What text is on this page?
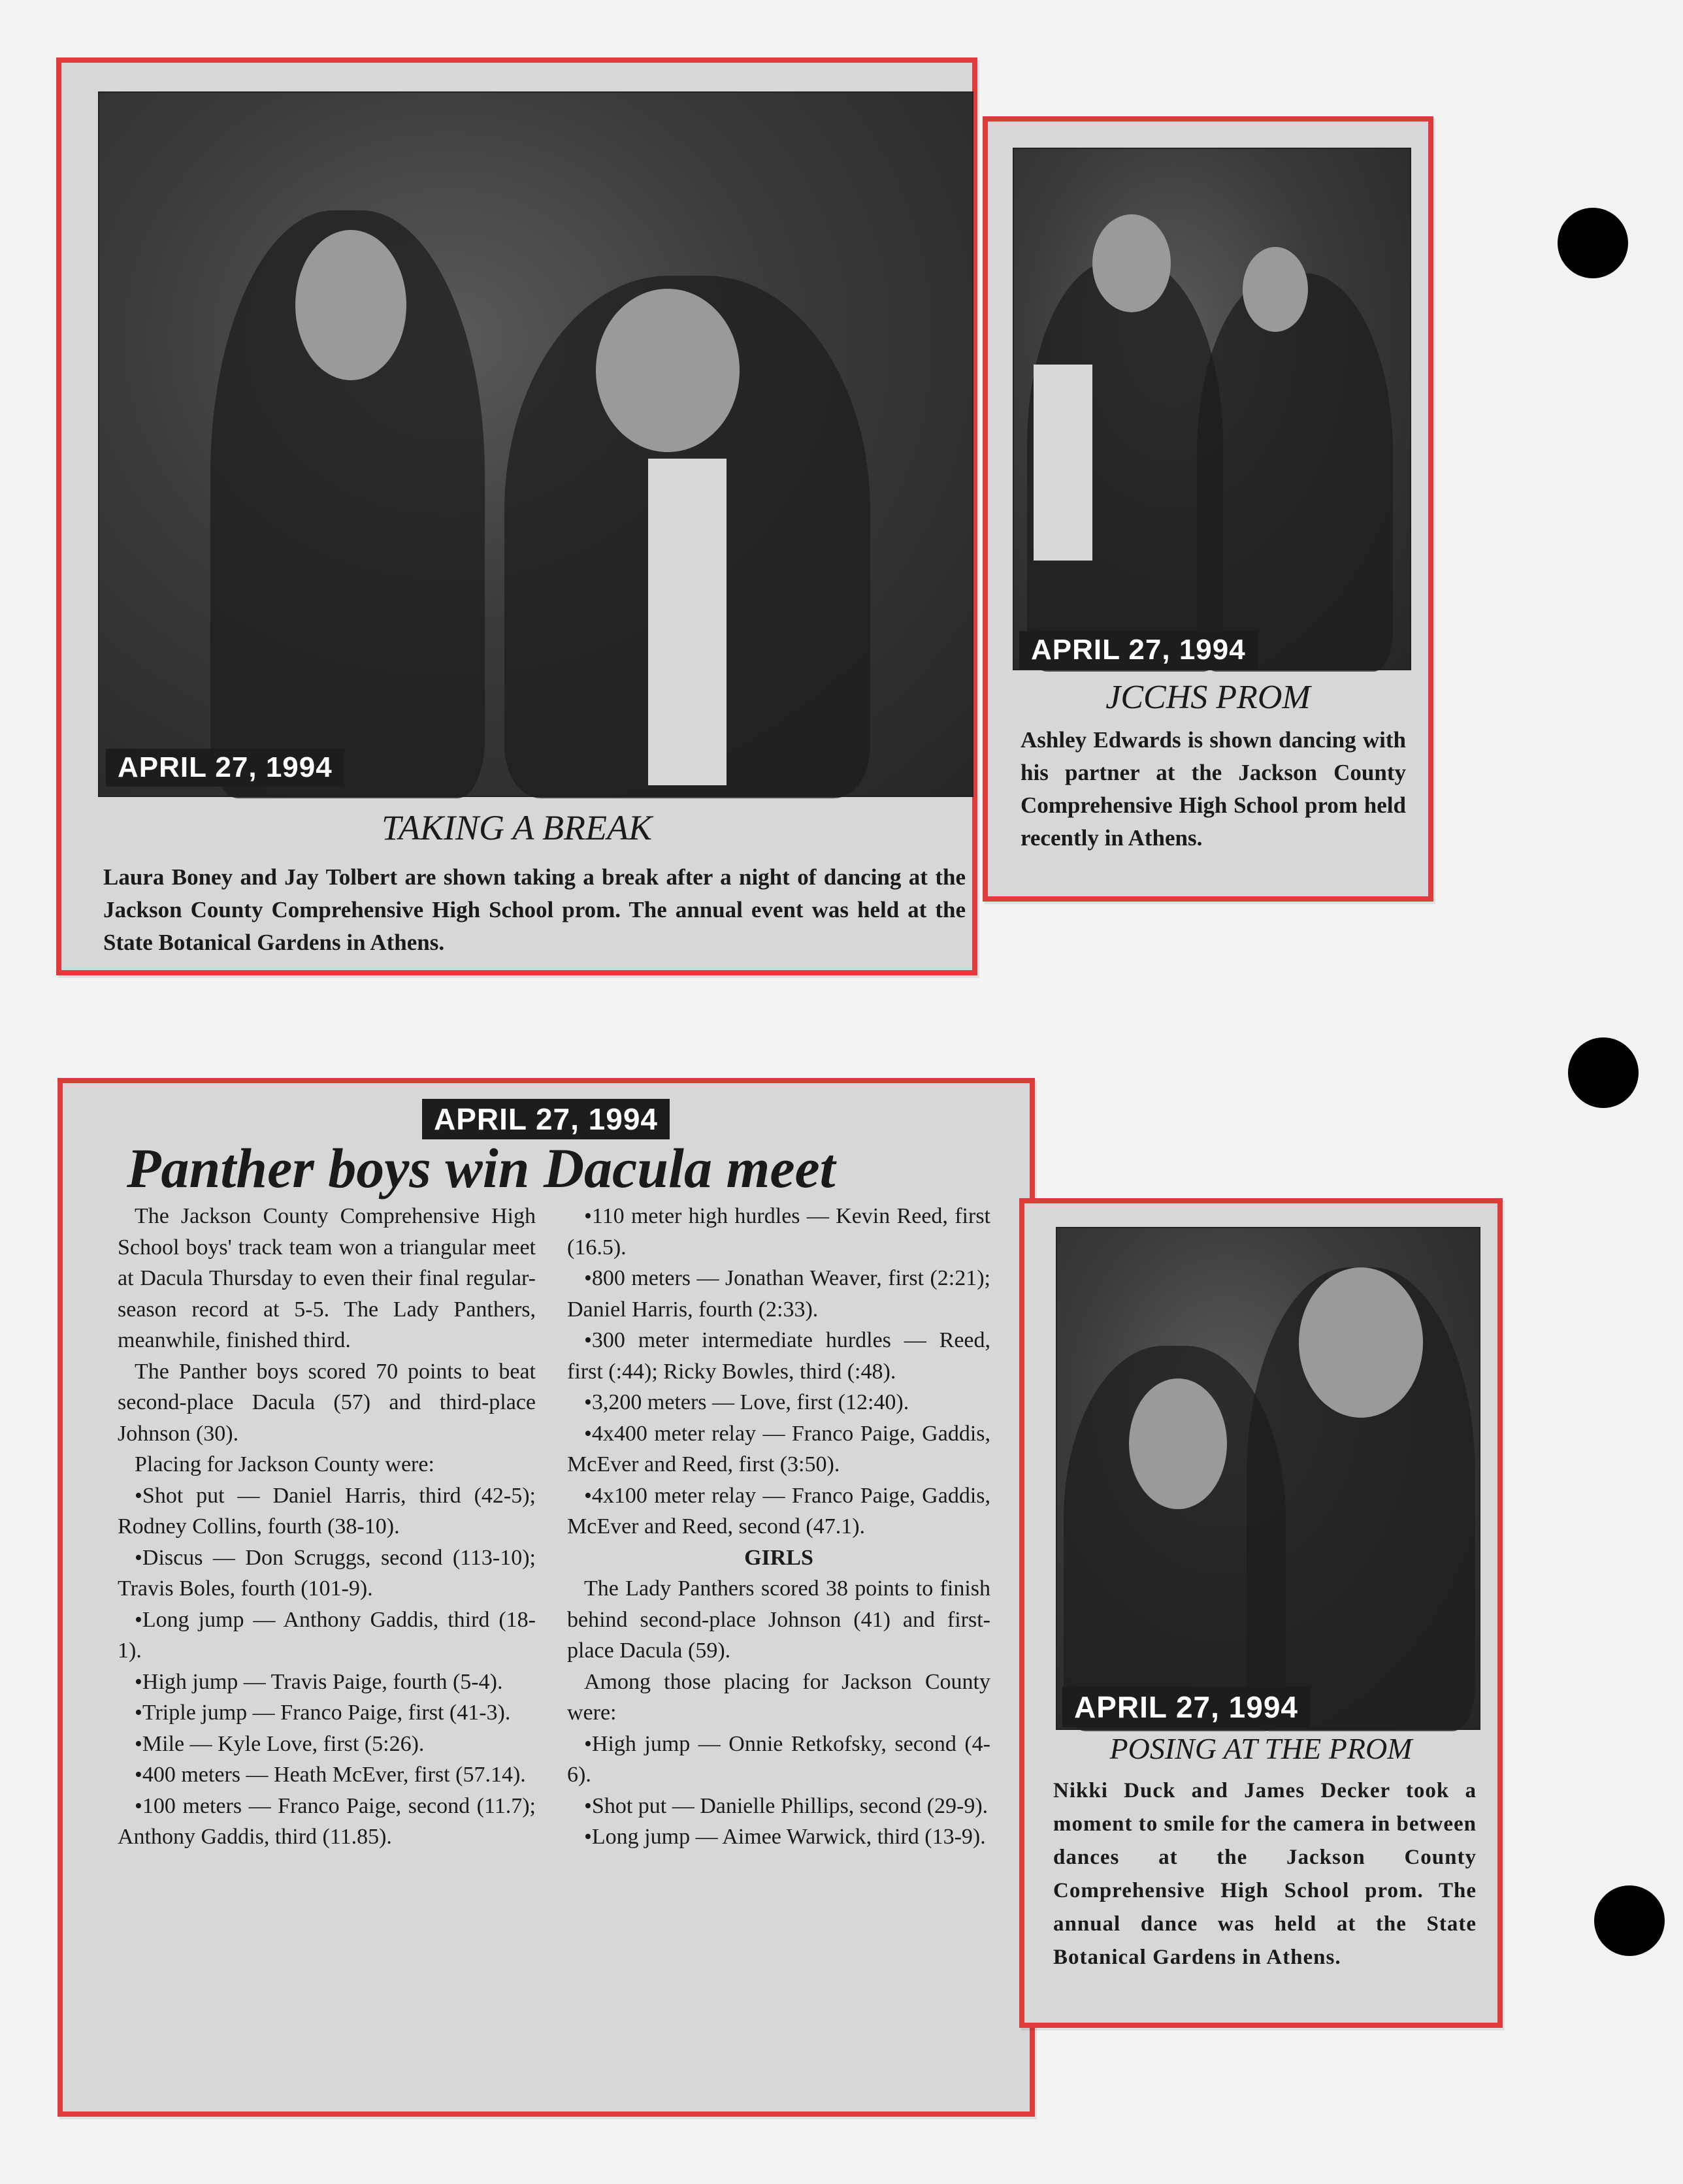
APRIL 27, 1994
TAKING A BREAK

Laura Boney and Jay Tolbert are shown taking a break after a night of dancing at the Jackson County Comprehensive High School prom. The annual event was held at the State Botanical Gardens in Athens.

APRIL 27, 1994
JCCHS PROM

Ashley Edwards is shown dancing with his partner at the Jackson County Comprehensive High School prom held recently in Athens.

APRIL 27, 1994
Panther boys win Dacula meet

The Jackson County Comprehensive High School boys' track team won a triangular meet at Dacula Thursday to even their final regular-season record at 5-5. The Lady Panthers, meanwhile, finished third.

The Panther boys scored 70 points to beat second-place Dacula (57) and third-place Johnson (30).

Placing for Jackson County were:

•Shot put — Daniel Harris, third (42-5); Rodney Collins, fourth (38-10).

•Discus — Don Scruggs, second (113-10); Travis Boles, fourth (101-9).

•Long jump — Anthony Gaddis, third (18-1).

•High jump — Travis Paige, fourth (5-4).

•Triple jump — Franco Paige, first (41-3).

•Mile — Kyle Love, first (5:26).

•400 meters — Heath McEver, first (57.14).

•100 meters — Franco Paige, second (11.7); Anthony Gaddis, third (11.85).

•110 meter high hurdles — Kevin Reed, first (16.5).

•800 meters — Jonathan Weaver, first (2:21); Daniel Harris, fourth (2:33).

•300 meter intermediate hurdles — Reed, first (:44); Ricky Bowles, third (:48).

•3,200 meters — Love, first (12:40).

•4x400 meter relay — Franco Paige, Gaddis, McEver and Reed, first (3:50).

•4x100 meter relay — Franco Paige, Gaddis, McEver and Reed, second (47.1).

GIRLS

The Lady Panthers scored 38 points to finish behind second-place Johnson (41) and first-place Dacula (59).

Among those placing for Jackson County were:

•High jump — Onnie Retkofsky, second (4-6).

•Shot put — Danielle Phillips, second (29-9).

•Long jump — Aimee Warwick, third (13-9).

APRIL 27, 1994
POSING AT THE PROM

Nikki Duck and James Decker took a moment to smile for the camera in between dances at the Jackson County Comprehensive High School prom. The annual dance was held at the State Botanical Gardens in Athens.
